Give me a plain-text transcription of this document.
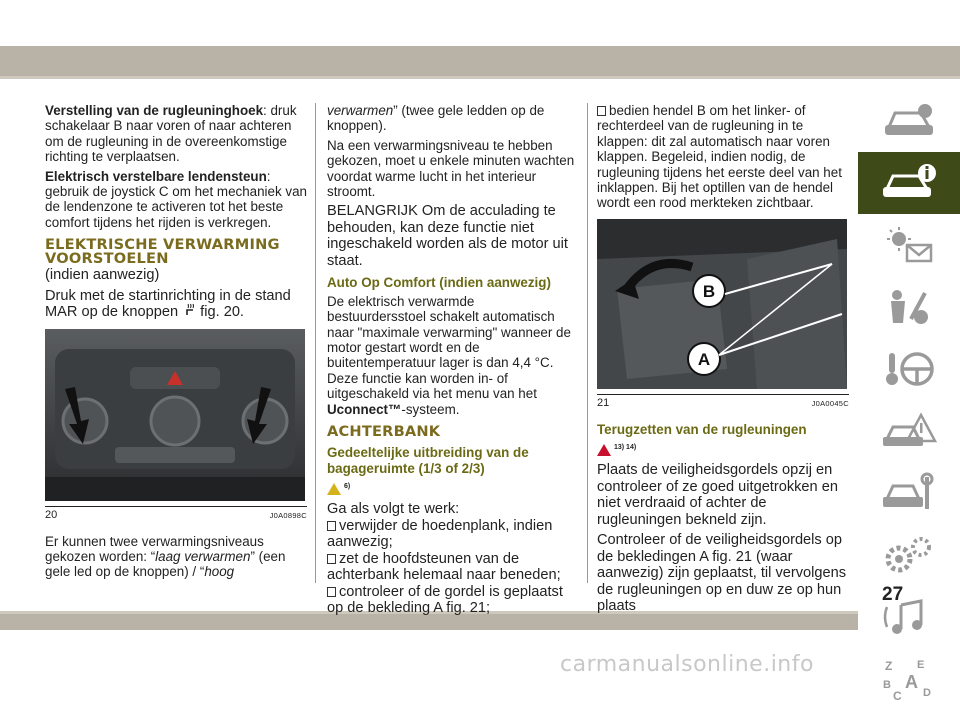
Verstelling van de rugleuninghoek: druk schakelaar B naar voren of naar achteren om de rugleuning in de overeenkomstige richting te verplaatsen.

Elektrisch verstelbare lendensteun: gebruik de joystick C om het mechaniek van de lendenzone te activeren tot het beste comfort tijdens het rijden is verkregen.

ELEKTRISCHE VERWARMING VOORSTOELEN

(indien aanwezig)

Druk met de startinrichting in de stand MAR op de knoppen  fig. 20.

20	J0A0898C

Er kunnen twee verwarmingsniveaus gekozen worden: “laag verwarmen” (een gele led op de knoppen) / “hoog

verwarmen” (twee gele ledden op de knoppen).

Na een verwarmingsniveau te hebben gekozen, moet u enkele minuten wachten voordat warme lucht in het interieur stroomt.

BELANGRIJK Om de acculading te behouden, kan deze functie niet ingeschakeld worden als de motor uit staat.

Auto Op Comfort (indien aanwezig)

De elektrisch verwarmde bestuurdersstoel schakelt automatisch naar "maximale verwarming" wanneer de motor gestart wordt en de buitentemperatuur lager is dan 4,4 °C. Deze functie kan worden in- of uitgeschakeld via het menu van het Uconnect™-systeem.

ACHTERBANK
Gedeeltelijke uitbreiding van de bagageruimte (1/3 of 2/3)

$^{6)}$

Ga als volgt te werk:

verwijder de hoedenplank, indien aanwezig;

zet de hoofdsteunen van de achterbank helemaal naar beneden;

controleer of de gordel is geplaatst op de bekleding A fig. 21;

bedien hendel B om het linker- of rechterdeel van de rugleuning in te klappen: dit zal automatisch naar voren klappen. Begeleid, indien nodig, de rugleuning tijdens het eerste deel van het inklappen. Bij het optillen van de hendel wordt een rood merkteken zichtbaar.

B
A
21	J0A0045C
Terugzetten van de rugleuningen

$^{13) 14)}$

Plaats de veiligheidsgordels opzij en controleer of ze goed uitgetrokken en niet verdraaid of achter de rugleuningen bekneld zijn.

Controleer of de veiligheidsgordels op de bekledingen A fig. 21 (waar aanwezig) zijn geplaatst, til vervolgens de rugleuningen op en duw ze op hun plaats

Z E
B A
C D
27
carmanualsonline.info
